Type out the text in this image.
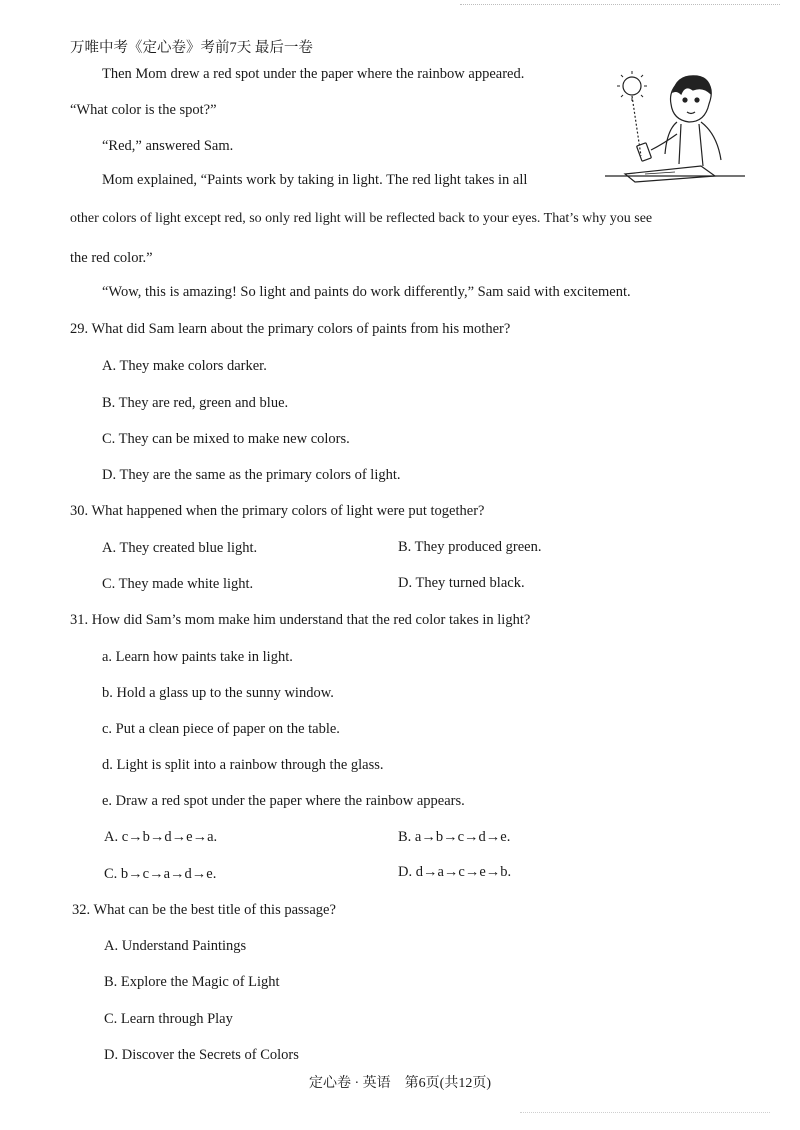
万唯中考《定心卷》考前7天 最后一卷
Then Mom drew a red spot under the paper where the rainbow appeared.
“What color is the spot?”
“Red,” answered Sam.
Mom explained, “Paints work by taking in light. The red light takes in all
other colors of light except red, so only red light will be reflected back to your eyes. That’s why you see
the red color.”
“Wow, this is amazing! So light and paints do work differently,” Sam said with excitement.
29. What did Sam learn about the primary colors of paints from his mother?
A. They make colors darker.
B. They are red, green and blue.
C. They can be mixed to make new colors.
D. They are the same as the primary colors of light.
30. What happened when the primary colors of light were put together?
A. They created blue light.	B. They produced green.
C. They made white light.	D. They turned black.
31. How did Sam’s mom make him understand that the red color takes in light?
a. Learn how paints take in light.
b. Hold a glass up to the sunny window.
c. Put a clean piece of paper on the table.
d. Light is split into a rainbow through the glass.
e. Draw a red spot under the paper where the rainbow appears.
A. c→b→d→e→a.	B. a→b→c→d→e.
C. b→c→a→d→e.	D. d→a→c→e→b.
32. What can be the best title of this passage?
A. Understand Paintings
B. Explore the Magic of Light
C. Learn through Play
D. Discover the Secrets of Colors
定心卷 · 英语　第6页(共12页)
